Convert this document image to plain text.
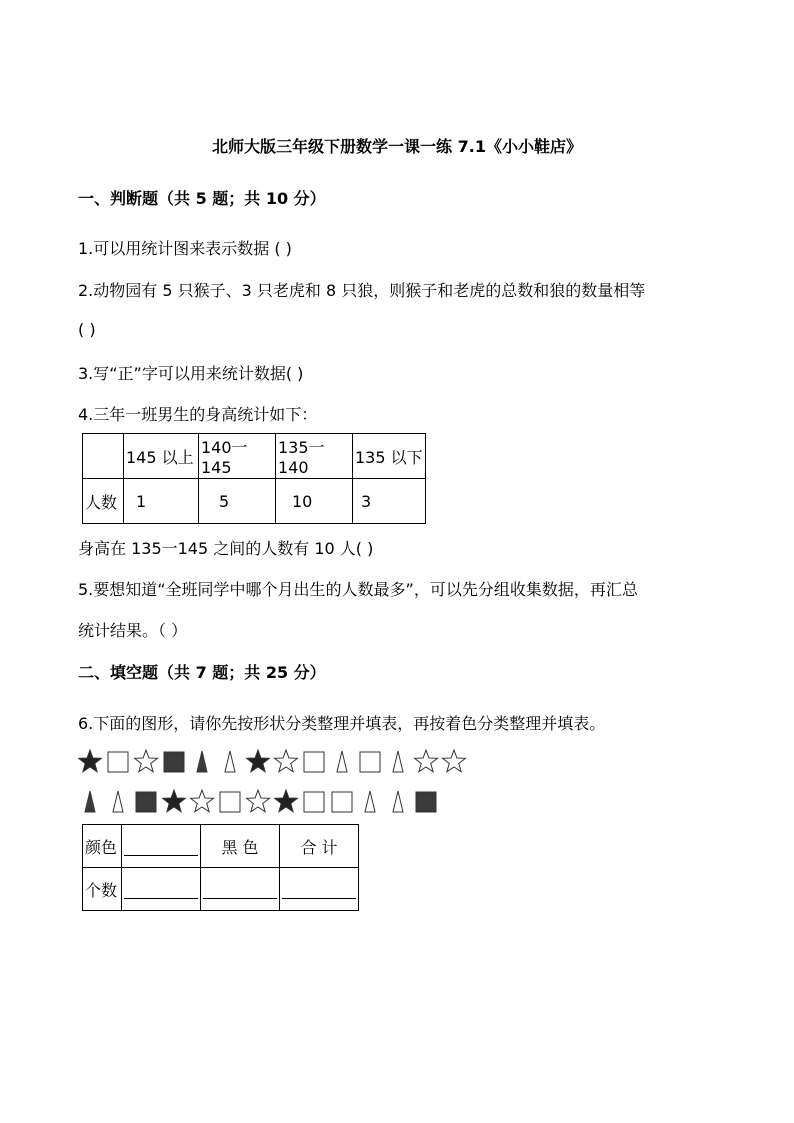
北师大版三年级下册数学一课一练 7.1《小小鞋店》
一、判断题（共 5 题；共 10 分）
1.可以用统计图来表示数据 ( )
2.动物园有 5 只猴子、3 只老虎和 8 只狼，则猴子和老虎的总数和狼的数量相等
( )
3.写“正”字可以用来统计数据( )
4.三年一班男生的身高统计如下：
	145 以上	140一145	135一140	135 以下
人数	1	5	10	3
身高在 135一145 之间的人数有 10 人( )
5.要想知道“全班同学中哪个月出生的人数最多”，可以先分组收集数据，再汇总
统计结果。（ ）
二、填空题（共 7 题；共 25 分）
6.下面的图形，请你先按形状分类整理并填表，再按着色分类整理并填表。
颜色		黑 色	合 计
个数			
